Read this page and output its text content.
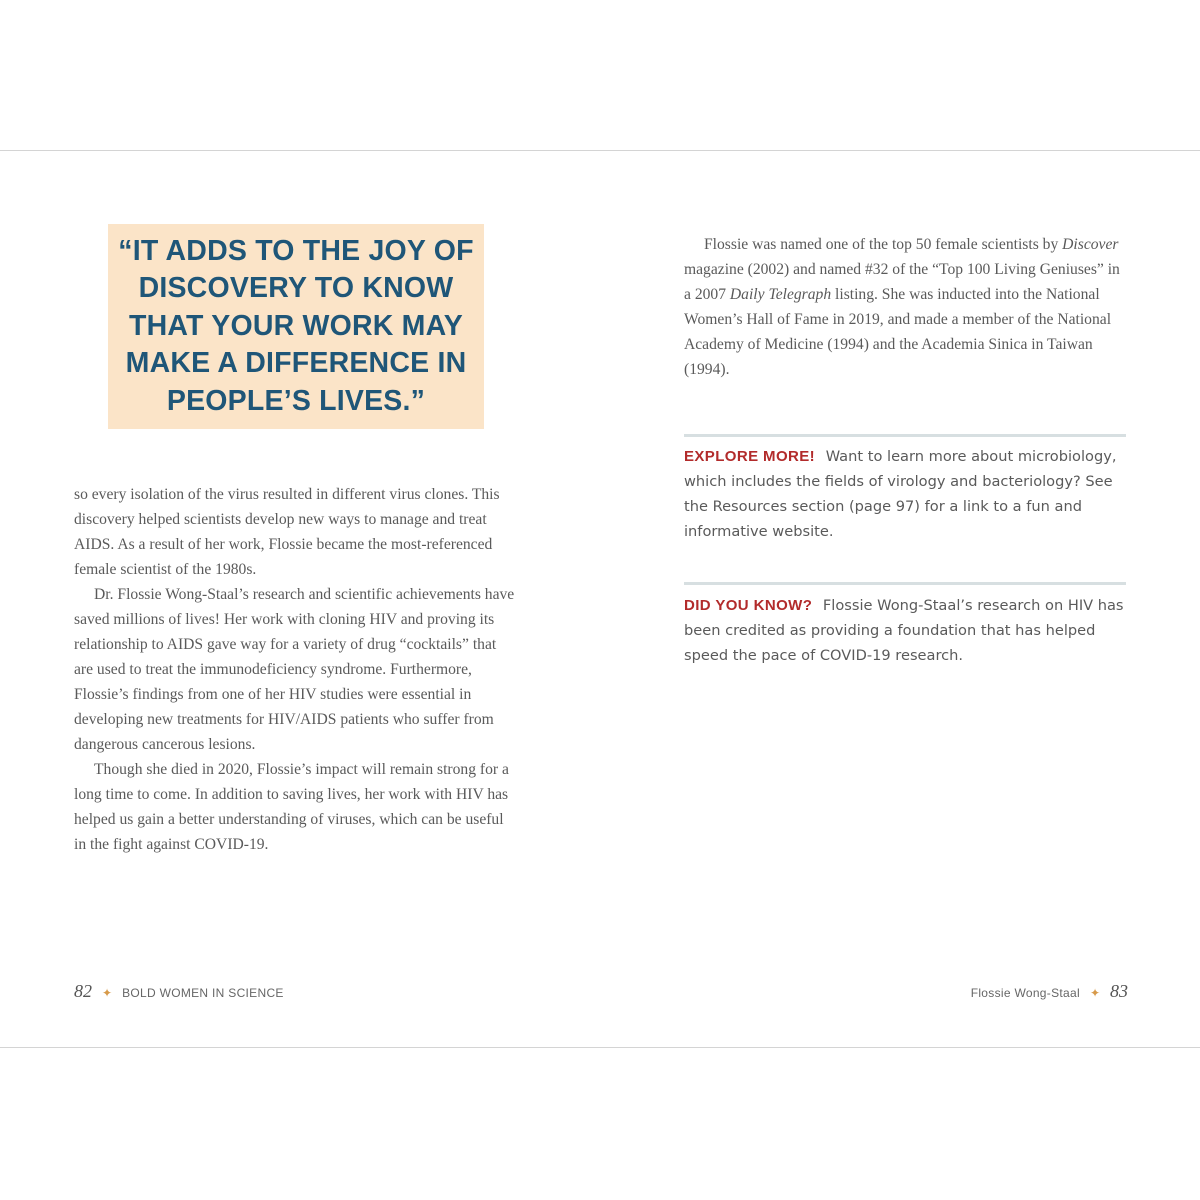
“IT ADDS TO THE JOY OF
DISCOVERY TO KNOW
THAT YOUR WORK MAY
MAKE A DIFFERENCE IN
PEOPLE’S LIVES.”

so every isolation of the virus resulted in different virus clones. This discovery helped scientists develop new ways to manage and treat AIDS. As a result of her work, Flossie became the most-referenced female scientist of the 1980s.

Dr. Flossie Wong-Staal’s research and scientific achievements have saved millions of lives! Her work with cloning HIV and proving its relationship to AIDS gave way for a variety of drug “cocktails” that are used to treat the immunodeficiency syndrome. Furthermore, Flossie’s findings from one of her HIV studies were essential in developing new treatments for HIV/AIDS patients who suffer from dangerous cancerous lesions.

Though she died in 2020, Flossie’s impact will remain strong for a long time to come. In addition to saving lives, her work with HIV has helped us gain a better understanding of viruses, which can be useful in the fight against COVID-19.

Flossie was named one of the top 50 female scientists by Discover magazine (2002) and named #32 of the “Top 100 Living Geniuses” in a 2007 Daily Telegraph listing. She was inducted into the National Women’s Hall of Fame in 2019, and made a member of the National Academy of Medicine (1994) and the Academia Sinica in Taiwan (1994).

EXPLORE MORE! Want to learn more about microbiology, which includes the fields of virology and bacteriology? See the Resources section (page 97) for a link to a fun and informative website.
DID YOU KNOW? Flossie Wong-Staal’s research on HIV has been credited as providing a foundation that has helped speed the pace of COVID-19 research.
82 ✦ BOLD WOMEN IN SCIENCE	Flossie Wong-Staal ✦ 83
